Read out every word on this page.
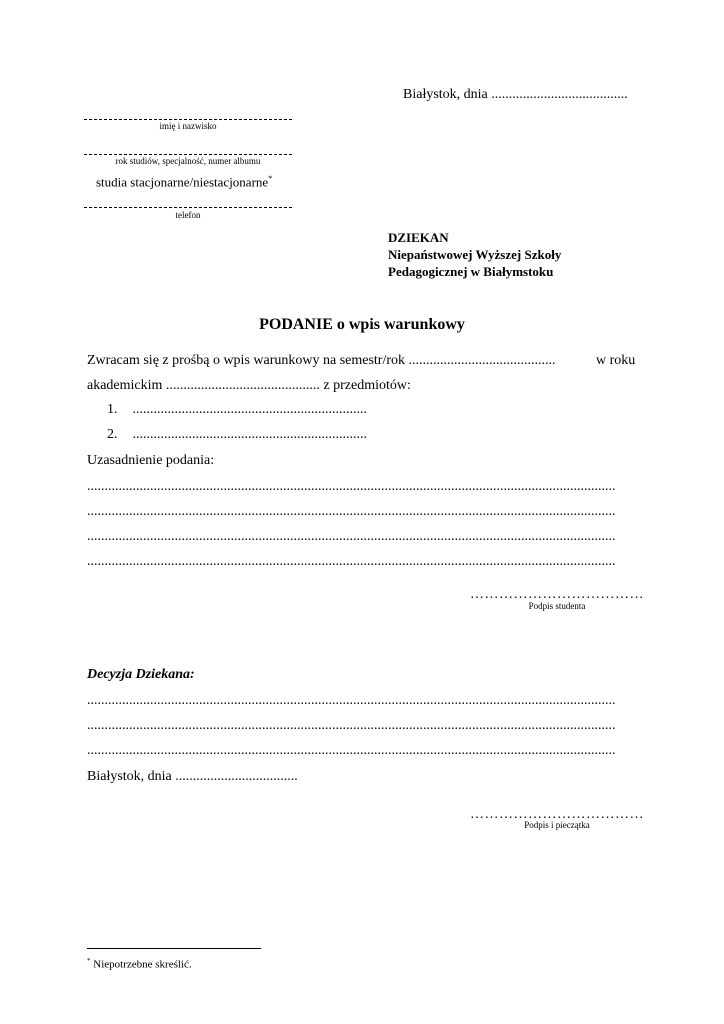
Białystok, dnia .......................................
imię i nazwisko
rok studiów, specjalność, numer albumu
studia stacjonarne/niestacjonarne*
telefon
DZIEKAN
Niepaństwowej Wyższej Szkoły
Pedagogicznej w Białymstoku
PODANIE o wpis warunkowy
Zwracam się z prośbą o wpis warunkowy na semestr/rok ..........................................	w roku
akademickim ............................................ z przedmiotów:
1. ...................................................................
2. ...................................................................
Uzasadnienie podania:
.......................................................................................................................................................
.......................................................................................................................................................
.......................................................................................................................................................
.......................................................................................................................................................
………………………………
Podpis studenta
Decyzja Dziekana:
.......................................................................................................................................................
.......................................................................................................................................................
.......................................................................................................................................................
Białystok, dnia ...................................
………………………………
Podpis i pieczątka
* Niepotrzebne skreślić.
